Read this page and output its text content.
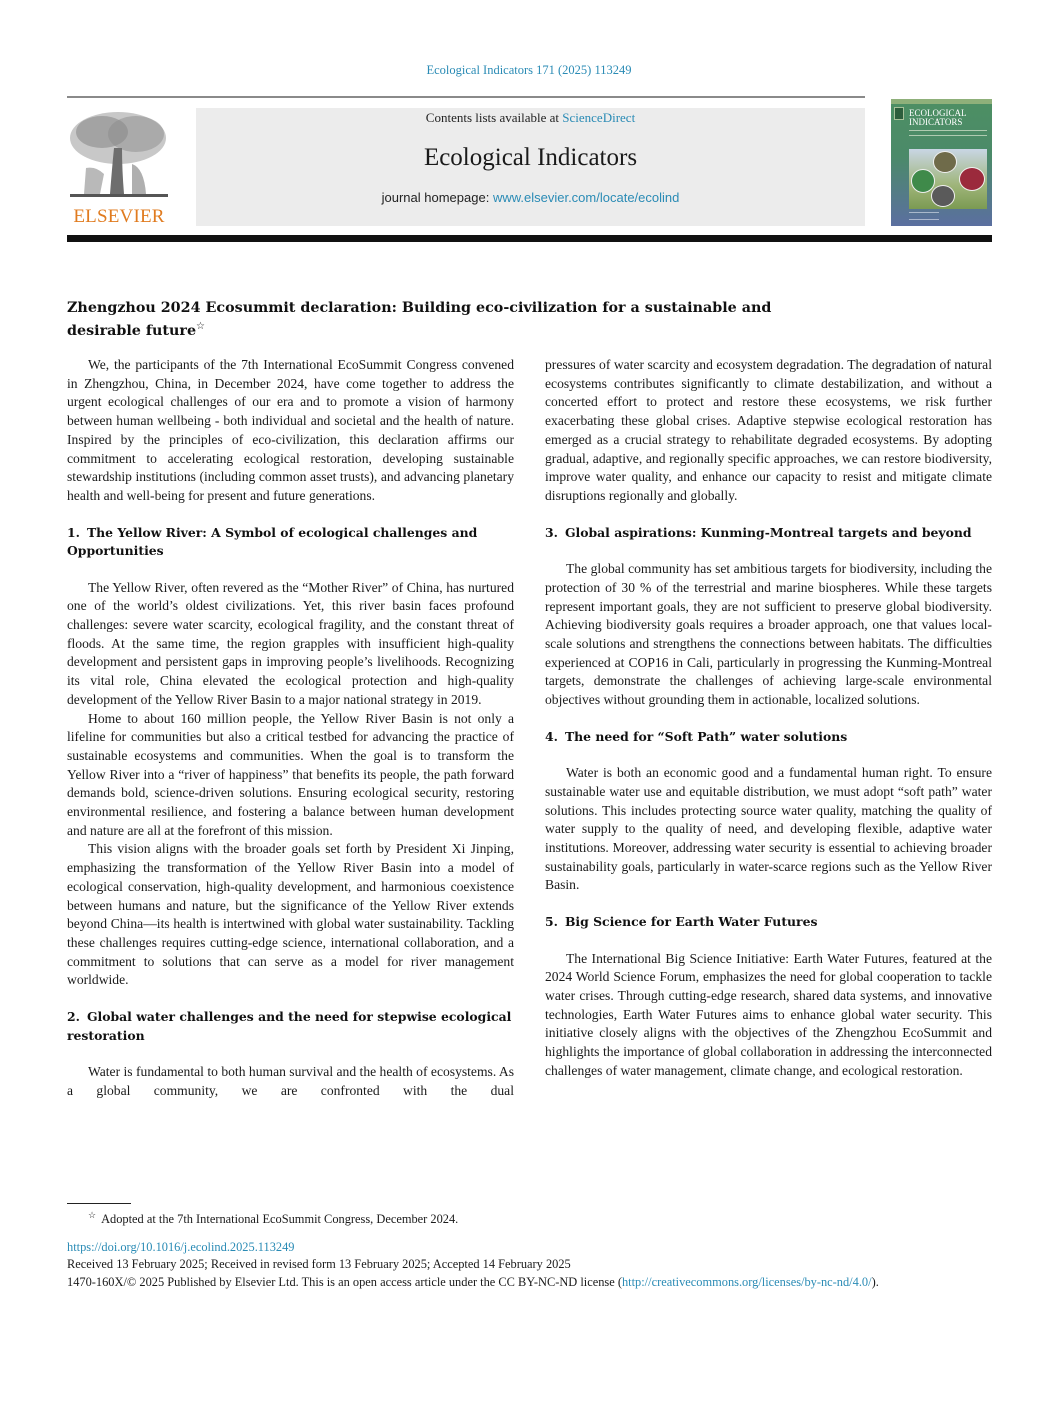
Ecological Indicators 171 (2025) 113249
ELSEVIER
Contents lists available at ScienceDirect
Ecological Indicators
journal homepage: www.elsevier.com/locate/ecolind
ECOLOGICAL
INDICATORS
Zhengzhou 2024 Ecosummit declaration: Building eco-civilization for a sustainable and desirable future☆

We, the participants of the 7th International EcoSummit Congress convened in Zhengzhou, China, in December 2024, have come together to address the urgent ecological challenges of our era and to promote a vision of harmony between human wellbeing - both individual and societal and the health of nature. Inspired by the principles of eco-civilization, this declaration affirms our commitment to accelerating ecological restoration, developing sustainable stewardship institutions (including common asset trusts), and advancing planetary health and well-being for present and future generations.

1. The Yellow River: A Symbol of ecological challenges and Opportunities

The Yellow River, often revered as the “Mother River” of China, has nurtured one of the world’s oldest civilizations. Yet, this river basin faces profound challenges: severe water scarcity, ecological fragility, and the constant threat of floods. At the same time, the region grapples with insufficient high-quality development and persistent gaps in improving people’s livelihoods. Recognizing its vital role, China elevated the ecological protection and high-quality development of the Yellow River Basin to a major national strategy in 2019.

Home to about 160 million people, the Yellow River Basin is not only a lifeline for communities but also a critical testbed for advancing the practice of sustainable ecosystems and communities. When the goal is to transform the Yellow River into a “river of happiness” that benefits its people, the path forward demands bold, science-driven solutions. Ensuring ecological security, restoring environmental resilience, and fostering a balance between human development and nature are all at the forefront of this mission.

This vision aligns with the broader goals set forth by President Xi Jinping, emphasizing the transformation of the Yellow River Basin into a model of ecological conservation, high-quality development, and harmonious coexistence between humans and nature, but the significance of the Yellow River extends beyond China—its health is intertwined with global water sustainability. Tackling these challenges requires cutting-edge science, international collaboration, and a commitment to solutions that can serve as a model for river management worldwide.

2. Global water challenges and the need for stepwise ecological restoration

Water is fundamental to both human survival and the health of ecosystems. As a global community, we are confronted with the dual

pressures of water scarcity and ecosystem degradation. The degradation of natural ecosystems contributes significantly to climate destabilization, and without a concerted effort to protect and restore these ecosystems, we risk further exacerbating these global crises. Adaptive stepwise ecological restoration has emerged as a crucial strategy to rehabilitate degraded ecosystems. By adopting gradual, adaptive, and regionally specific approaches, we can restore biodiversity, improve water quality, and enhance our capacity to resist and mitigate climate disruptions regionally and globally.

3. Global aspirations: Kunming-Montreal targets and beyond

The global community has set ambitious targets for biodiversity, including the protection of 30 % of the terrestrial and marine biospheres. While these targets represent important goals, they are not sufficient to preserve global biodiversity. Achieving biodiversity goals requires a broader approach, one that values local-scale solutions and strengthens the connections between habitats. The difficulties experienced at COP16 in Cali, particularly in progressing the Kunming-Montreal targets, demonstrate the challenges of achieving large-scale environmental objectives without grounding them in actionable, localized solutions.

4. The need for “Soft Path” water solutions

Water is both an economic good and a fundamental human right. To ensure sustainable water use and equitable distribution, we must adopt “soft path” water solutions. This includes protecting source water quality, matching the quality of water supply to the quality of need, and developing flexible, adaptive water institutions. Moreover, addressing water security is essential to achieving broader sustainability goals, particularly in water-scarce regions such as the Yellow River Basin.

5. Big Science for Earth Water Futures

The International Big Science Initiative: Earth Water Futures, featured at the 2024 World Science Forum, emphasizes the need for global cooperation to tackle water crises. Through cutting-edge research, shared data systems, and innovative technologies, Earth Water Futures aims to enhance global water security. This initiative closely aligns with the objectives of the Zhengzhou EcoSummit and highlights the importance of global collaboration in addressing the interconnected challenges of water management, climate change, and ecological restoration.

☆ Adopted at the 7th International EcoSummit Congress, December 2024.
https://doi.org/10.1016/j.ecolind.2025.113249
Received 13 February 2025; Received in revised form 13 February 2025; Accepted 14 February 2025
1470-160X/© 2025 Published by Elsevier Ltd. This is an open access article under the CC BY-NC-ND license (http://creativecommons.org/licenses/by-nc-nd/4.0/).
